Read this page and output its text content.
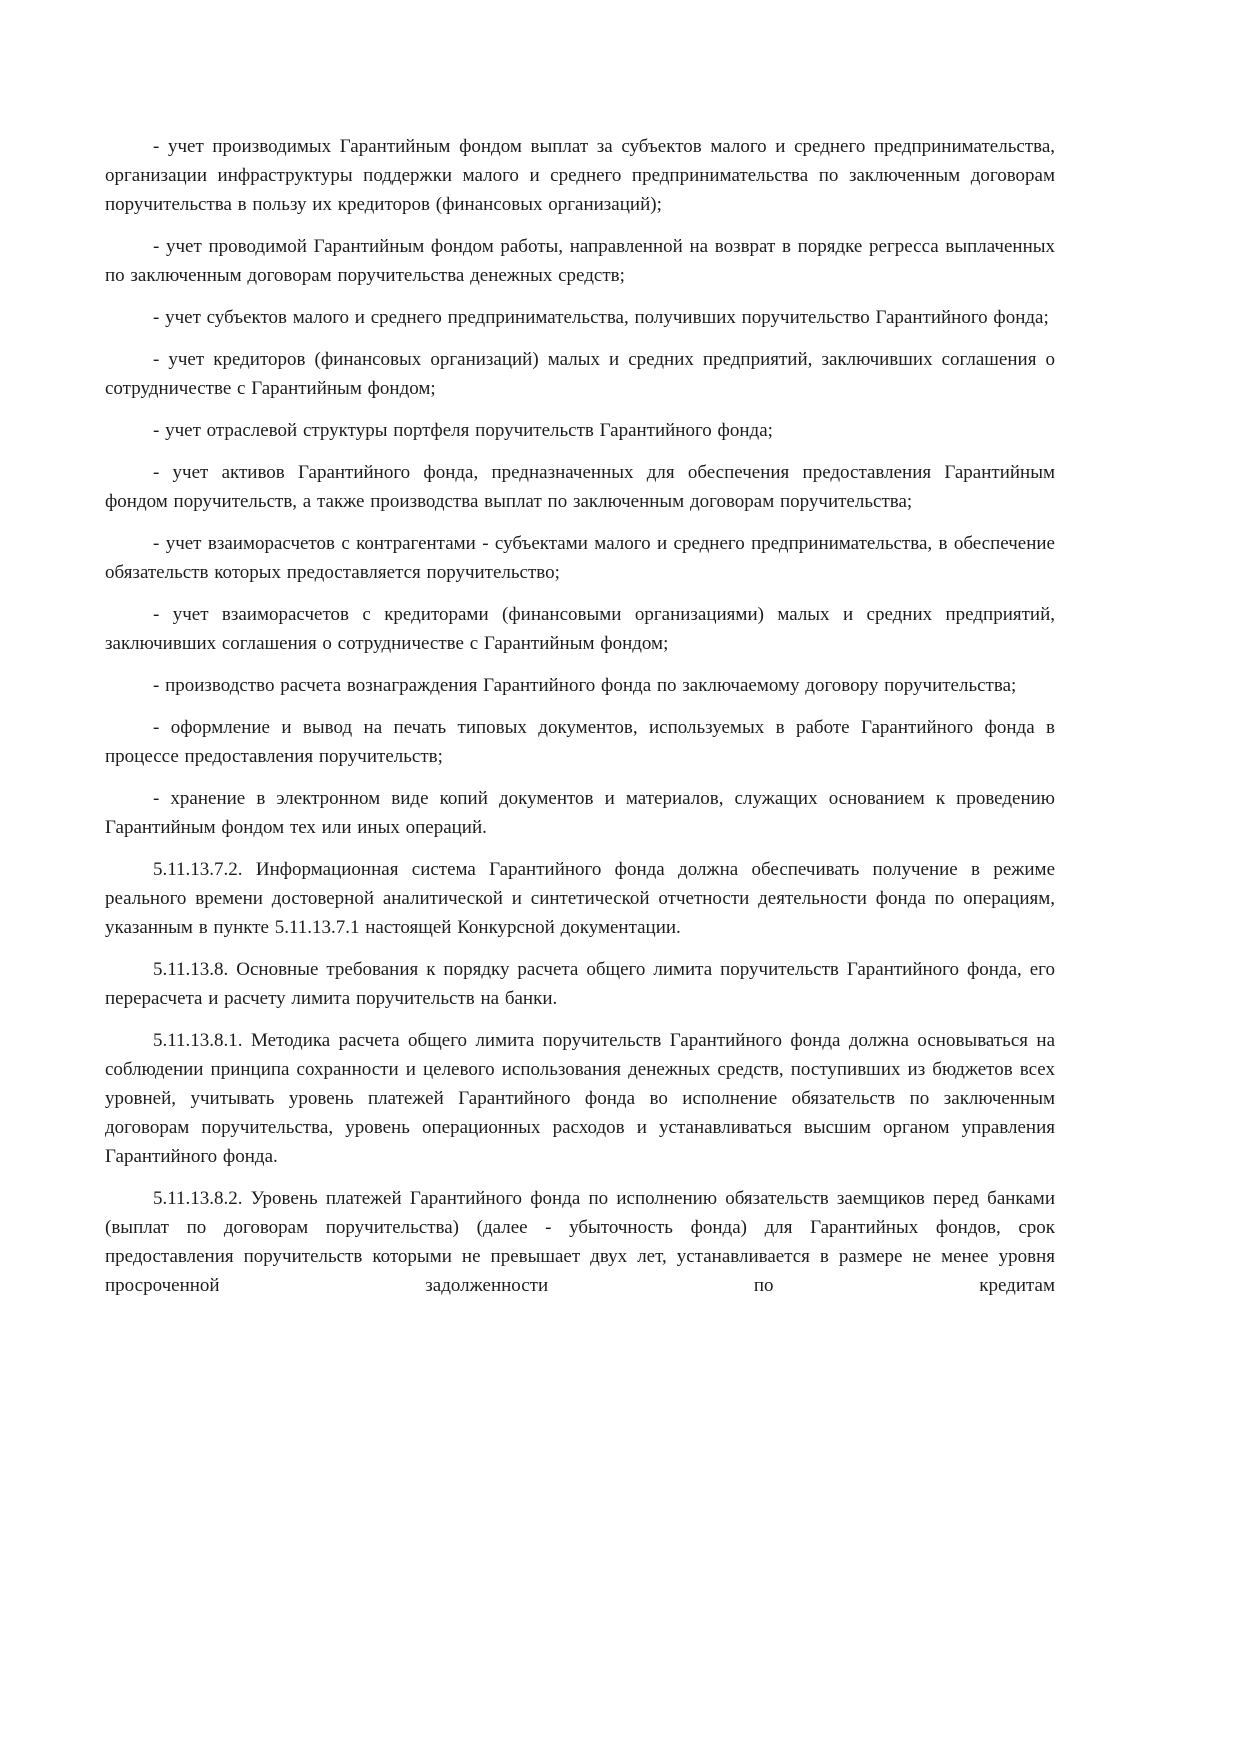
- учет производимых Гарантийным фондом выплат за субъектов малого и среднего предпринимательства, организации инфраструктуры поддержки малого и среднего предпринимательства по заключенным договорам поручительства в пользу их кредиторов (финансовых организаций);

- учет проводимой Гарантийным фондом работы, направленной на возврат в порядке регресса выплаченных по заключенным договорам поручительства денежных средств;

- учет субъектов малого и среднего предпринимательства, получивших поручительство Гарантийного фонда;

- учет кредиторов (финансовых организаций) малых и средних предприятий, заключивших соглашения о сотрудничестве с Гарантийным фондом;

- учет отраслевой структуры портфеля поручительств Гарантийного фонда;

- учет активов Гарантийного фонда, предназначенных для обеспечения предоставления Гарантийным фондом поручительств, а также производства выплат по заключенным договорам поручительства;

- учет взаиморасчетов с контрагентами - субъектами малого и среднего предпринимательства, в обеспечение обязательств которых предоставляется поручительство;

- учет взаиморасчетов с кредиторами (финансовыми организациями) малых и средних предприятий, заключивших соглашения о сотрудничестве с Гарантийным фондом;

- производство расчета вознаграждения Гарантийного фонда по заключаемому договору поручительства;

- оформление и вывод на печать типовых документов, используемых в работе Гарантийного фонда в процессе предоставления поручительств;

- хранение в электронном виде копий документов и материалов, служащих основанием к проведению Гарантийным фондом тех или иных операций.

5.11.13.7.2. Информационная система Гарантийного фонда должна обеспечивать получение в режиме реального времени достоверной аналитической и синтетической отчетности деятельности фонда по операциям, указанным в пункте 5.11.13.7.1 настоящей Конкурсной документации.

5.11.13.8. Основные требования к порядку расчета общего лимита поручительств Гарантийного фонда, его перерасчета и расчету лимита поручительств на банки.

5.11.13.8.1. Методика расчета общего лимита поручительств Гарантийного фонда должна основываться на соблюдении принципа сохранности и целевого использования денежных средств, поступивших из бюджетов всех уровней, учитывать уровень платежей Гарантийного фонда во исполнение обязательств по заключенным договорам поручительства, уровень операционных расходов и устанавливаться высшим органом управления Гарантийного фонда.

5.11.13.8.2. Уровень платежей Гарантийного фонда по исполнению обязательств заемщиков перед банками (выплат по договорам поручительства) (далее - убыточность фонда) для Гарантийных фондов, срок предоставления поручительств которыми не превышает двух лет, устанавливается в размере не менее уровня просроченной задолженности по кредитам
